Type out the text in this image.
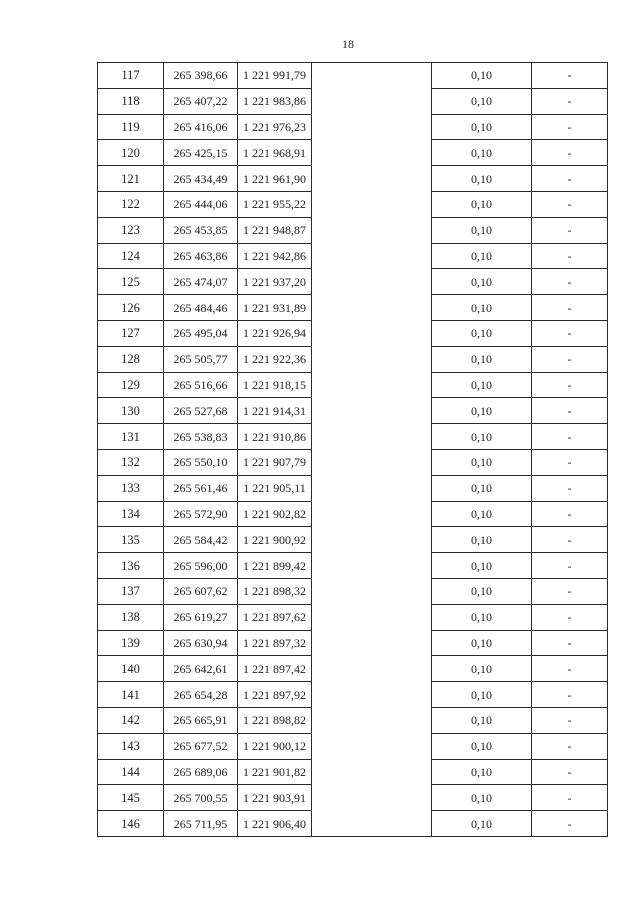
18
117	265 398,66	1 221 991,79		0,10	-
118	265 407,22	1 221 983,86		0,10	-
119	265 416,06	1 221 976,23		0,10	-
120	265 425,15	1 221 968,91		0,10	-
121	265 434,49	1 221 961,90		0,10	-
122	265 444,06	1 221 955,22		0,10	-
123	265 453,85	1 221 948,87		0,10	-
124	265 463,86	1 221 942,86		0,10	-
125	265 474,07	1 221 937,20		0,10	-
126	265 484,46	1 221 931,89		0,10	-
127	265 495,04	1 221 926,94		0,10	-
128	265 505,77	1 221 922,36		0,10	-
129	265 516,66	1 221 918,15		0,10	-
130	265 527,68	1 221 914,31		0,10	-
131	265 538,83	1 221 910,86		0,10	-
132	265 550,10	1 221 907,79		0,10	-
133	265 561,46	1 221 905,11		0,10	-
134	265 572,90	1 221 902,82		0,10	-
135	265 584,42	1 221 900,92		0,10	-
136	265 596,00	1 221 899,42		0,10	-
137	265 607,62	1 221 898,32		0,10	-
138	265 619,27	1 221 897,62		0,10	-
139	265 630,94	1 221 897,32		0,10	-
140	265 642,61	1 221 897,42		0,10	-
141	265 654,28	1 221 897,92		0,10	-
142	265 665,91	1 221 898,82		0,10	-
143	265 677,52	1 221 900,12		0,10	-
144	265 689,06	1 221 901,82		0,10	-
145	265 700,55	1 221 903,91		0,10	-
146	265 711,95	1 221 906,40		0,10	-
